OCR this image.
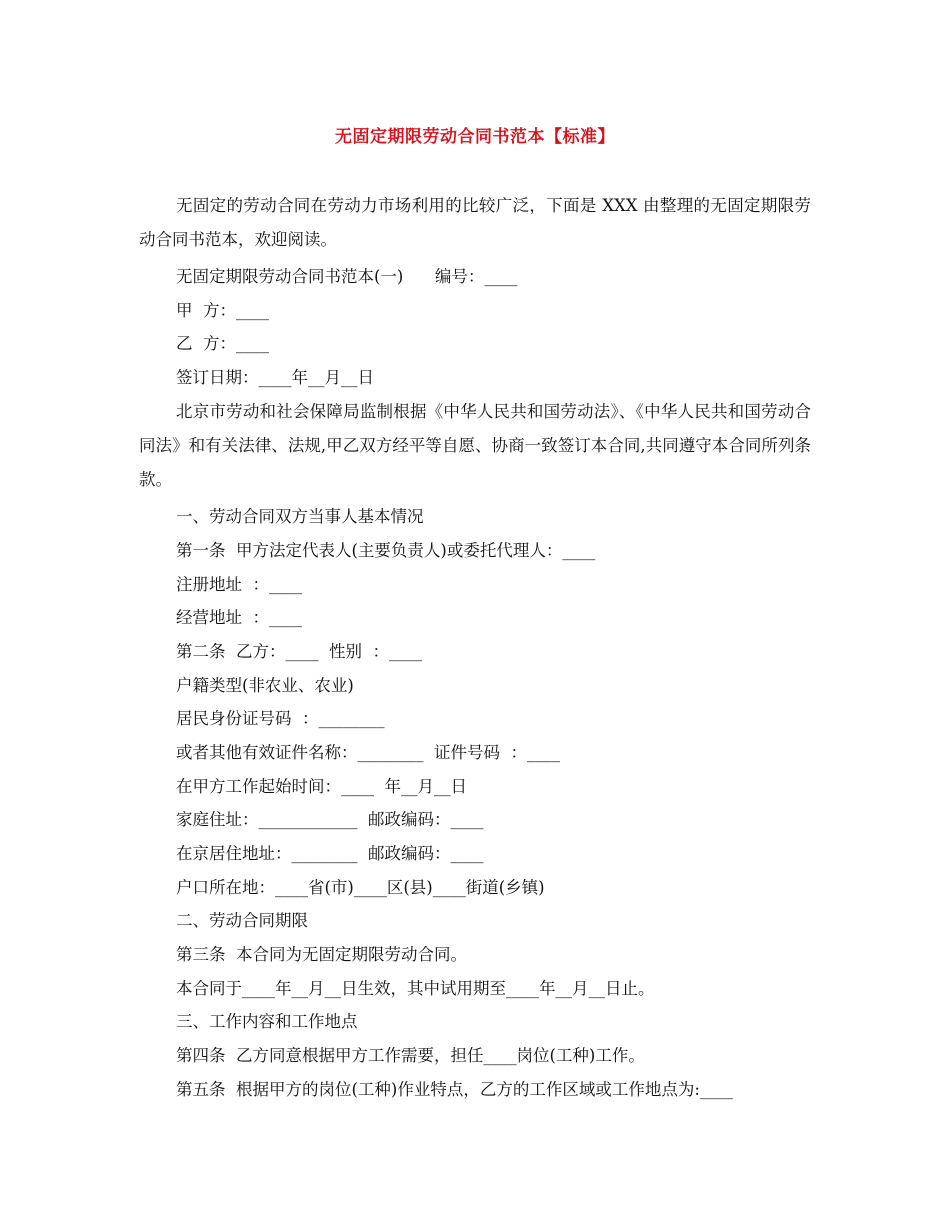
无固定期限劳动合同书范本【标准】
无固定的劳动合同在劳动力市场利用的比较广泛，下面是 XXX 由整理的无固定期限劳动合同书范本，欢迎阅读。
无固定期限劳动合同书范本(一)      编号：____
甲  方：____
乙  方：____
签订日期：____年__月__日
北京市劳动和社会保障局监制根据《中华人民共和国劳动法》、《中华人民共和国劳动合同法》和有关法律、法规,甲乙双方经平等自愿、协商一致签订本合同,共同遵守本合同所列条款。
一、劳动合同双方当事人基本情况
第一条  甲方法定代表人(主要负责人)或委托代理人：____
注册地址  ：____
经营地址  ：____
第二条  乙方：____  性别  ：____
户籍类型(非农业、农业)
居民身份证号码  ：________
或者其他有效证件名称：________  证件号码  ：____
在甲方工作起始时间：____  年__月__日
家庭住址：____________  邮政编码：____
在京居住地址：________  邮政编码：____
户口所在地：____省(市)____区(县)____街道(乡镇)
二、劳动合同期限
第三条  本合同为无固定期限劳动合同。
本合同于____年__月__日生效，其中试用期至____年__月__日止。
三、工作内容和工作地点
第四条  乙方同意根据甲方工作需要，担任____岗位(工种)工作。
第五条  根据甲方的岗位(工种)作业特点，乙方的工作区域或工作地点为:____
